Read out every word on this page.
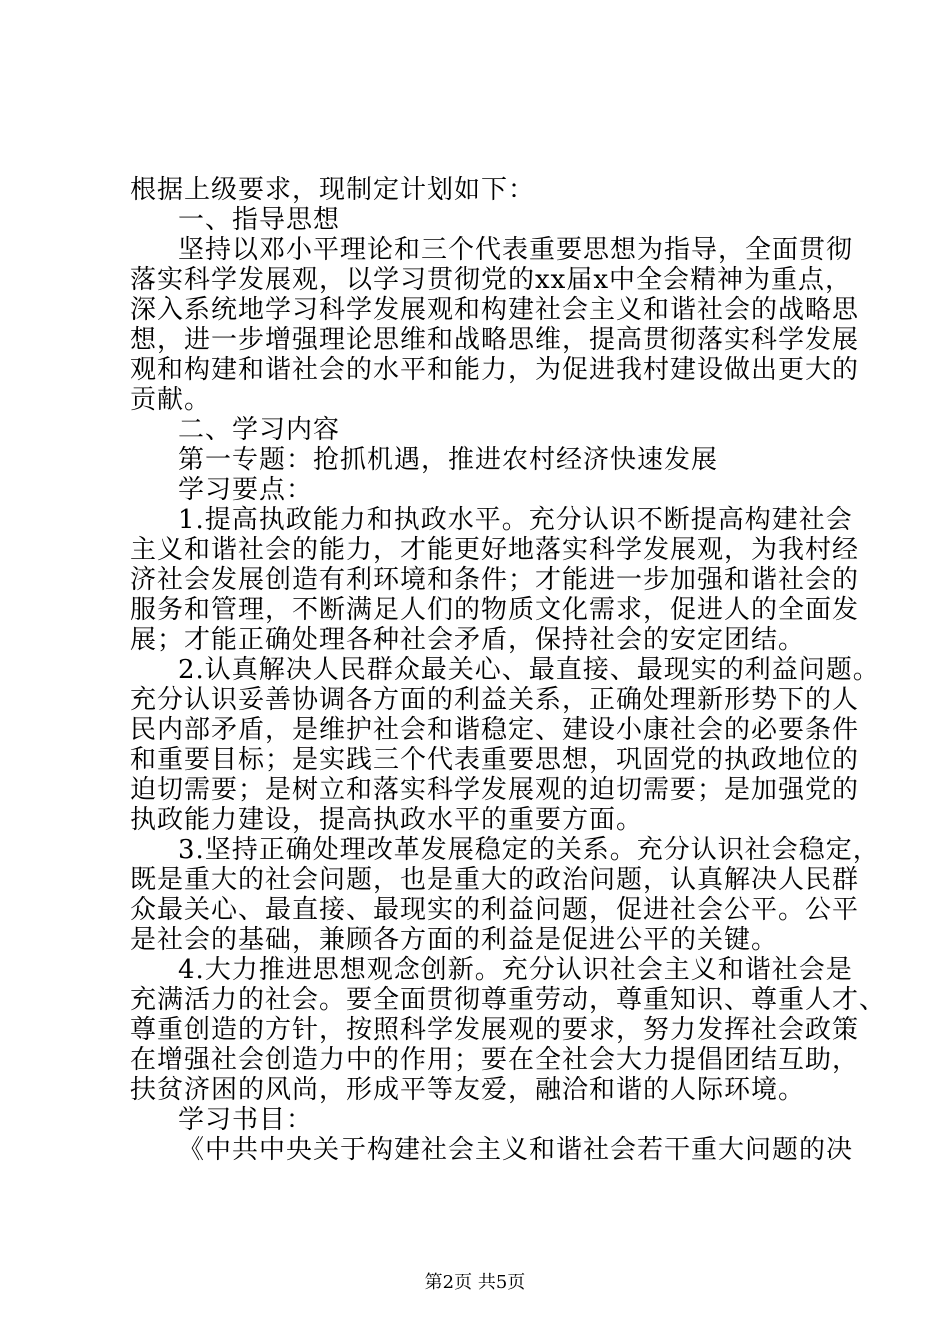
根据上级要求，现制定计划如下：
一、指导思想
坚持以邓小平理论和三个代表重要思想为指导，全面贯彻
落实科学发展观，以学习贯彻党的xx届x中全会精神为重点，
深入系统地学习科学发展观和构建社会主义和谐社会的战略思
想，进一步增强理论思维和战略思维，提高贯彻落实科学发展
观和构建和谐社会的水平和能力，为促进我村建设做出更大的
贡献。
二、学习内容
第一专题：抢抓机遇，推进农村经济快速发展
学习要点：
1.提高执政能力和执政水平。充分认识不断提高构建社会
主义和谐社会的能力，才能更好地落实科学发展观，为我村经
济社会发展创造有利环境和条件；才能进一步加强和谐社会的
服务和管理，不断满足人们的物质文化需求，促进人的全面发
展；才能正确处理各种社会矛盾，保持社会的安定团结。
2.认真解决人民群众最关心、最直接、最现实的利益问题。
充分认识妥善协调各方面的利益关系，正确处理新形势下的人
民内部矛盾，是维护社会和谐稳定、建设小康社会的必要条件
和重要目标；是实践三个代表重要思想，巩固党的执政地位的
迫切需要；是树立和落实科学发展观的迫切需要；是加强党的
执政能力建设，提高执政水平的重要方面。
3.坚持正确处理改革发展稳定的关系。充分认识社会稳定，
既是重大的社会问题，也是重大的政治问题，认真解决人民群
众最关心、最直接、最现实的利益问题，促进社会公平。公平
是社会的基础，兼顾各方面的利益是促进公平的关键。
4.大力推进思想观念创新。充分认识社会主义和谐社会是
充满活力的社会。要全面贯彻尊重劳动，尊重知识、尊重人才、
尊重创造的方针，按照科学发展观的要求，努力发挥社会政策
在增强社会创造力中的作用；要在全社会大力提倡团结互助，
扶贫济困的风尚，形成平等友爱，融洽和谐的人际环境。
学习书目：
《中共中央关于构建社会主义和谐社会若干重大问题的决
第2页 共5页
